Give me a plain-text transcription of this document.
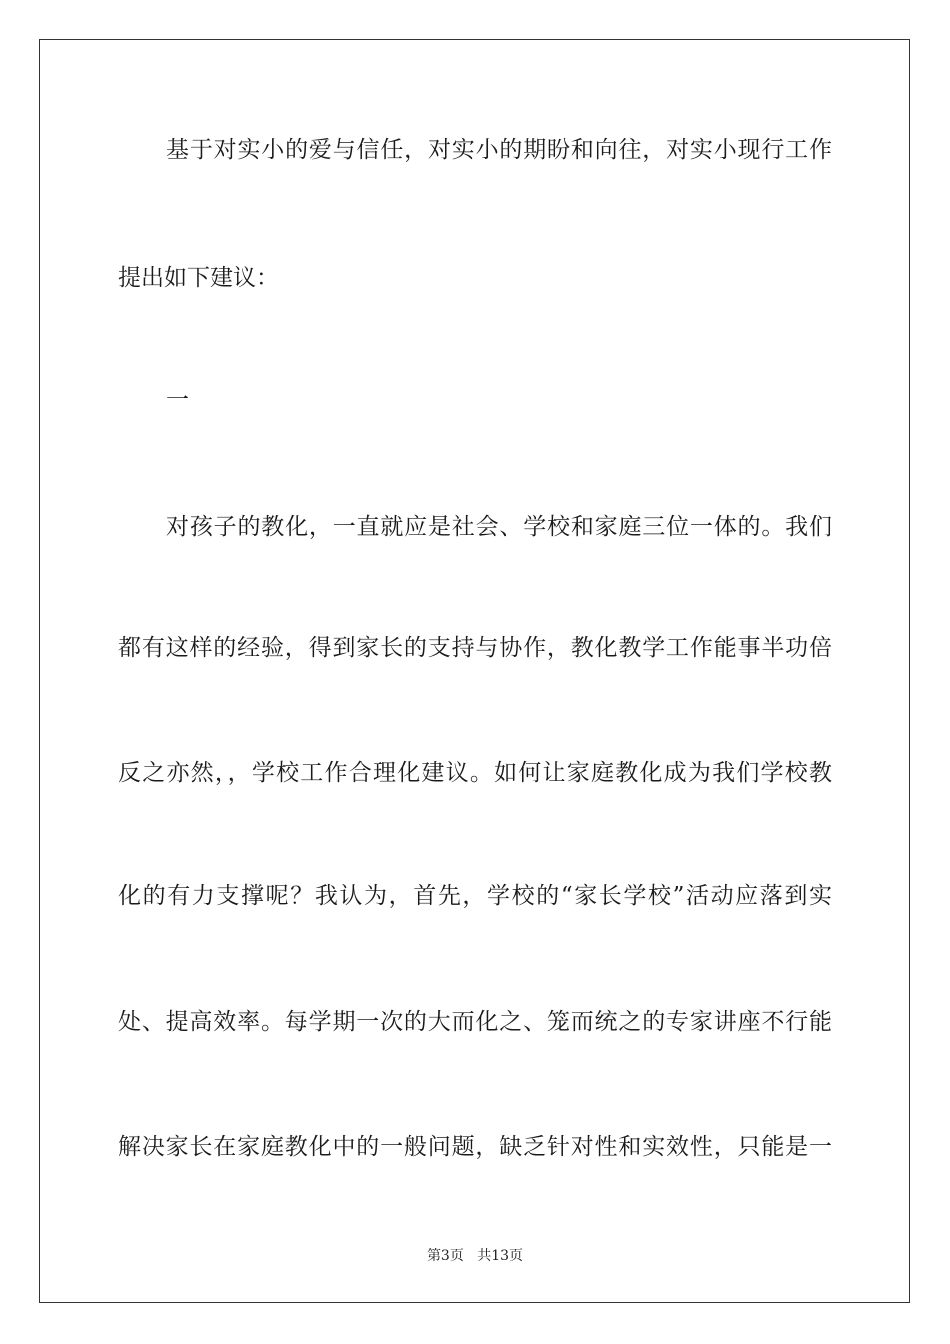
基于对实小的爱与信任，对实小的期盼和向往，对实小现行工作
提出如下建议：
一
对孩子的教化，一直就应是社会、学校和家庭三位一体的。我们
都有这样的经验，得到家长的支持与协作，教化教学工作能事半功倍
反之亦然，，学校工作合理化建议。如何让家庭教化成为我们学校教
化的有力支撑呢？我认为，首先，学校的“家长学校”活动应落到实
处、提高效率。每学期一次的大而化之、笼而统之的专家讲座不行能
解决家长在家庭教化中的一般问题，缺乏针对性和实效性，只能是一
第3页 共13页
